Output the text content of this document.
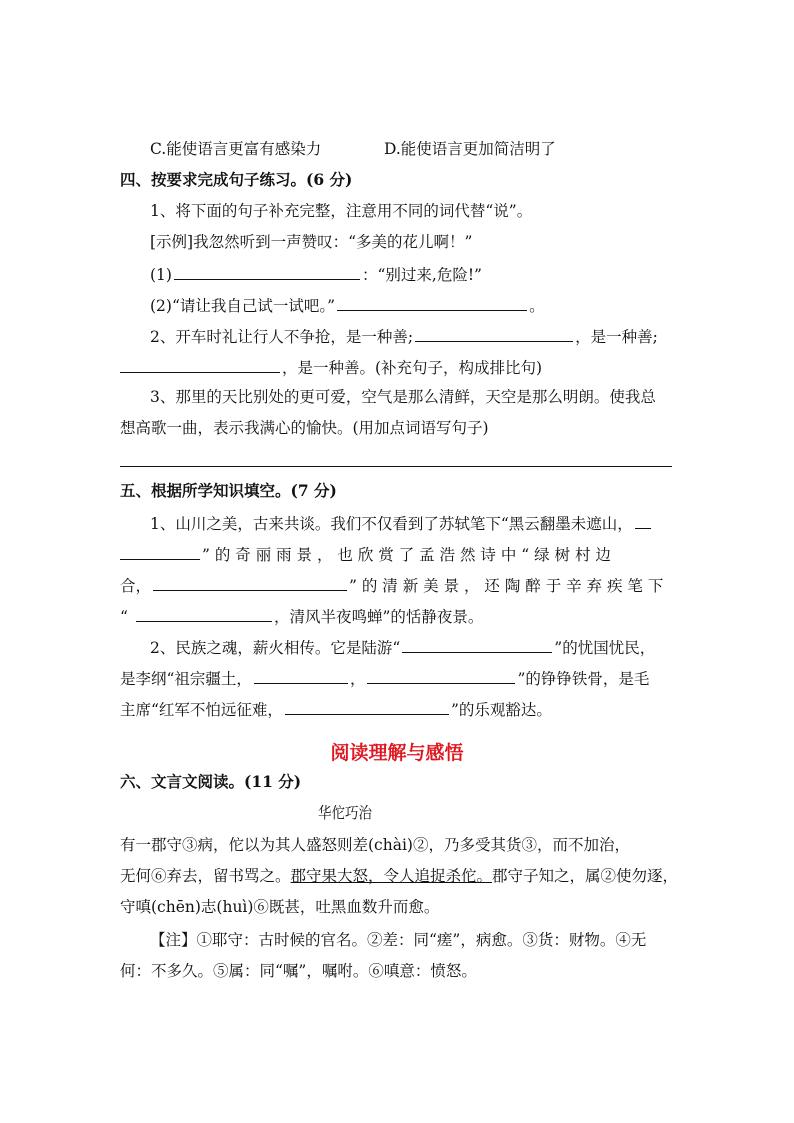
C.能使语言更富有感染力	D.能使语言更加简洁明了
四、按要求完成句子练习。(6 分)
1、将下面的句子补充完整，注意用不同的词代替“说”。
[示例]我忽然听到一声赞叹：“多美的花儿啊！”
(1)	：“别过来,危险!”
(2)“请让我自己试一试吧。”	。
2、开车时礼让行人不争抢，是一种善;	，是一种善;
，是一种善。(补充句子，构成排比句)
3、那里的天比别处的更可爱，空气是那么清鲜，天空是那么明朗。使我总
想高歌一曲，表示我满心的愉快。(用加点词语写句子)
五、根据所学知识填空。(7 分)
1、山川之美，古来共谈。我们不仅看到了苏轼笔下“黑云翻墨未遮山，
” 的 奇 丽 雨 景 ， 也 欣 赏 了 孟 浩 然 诗 中 “ 绿 树 村 边
合，	” 的 清 新 美 景 ， 还 陶 醉 于 辛 弃 疾 笔 下
“	，清风半夜鸣蝉”的恬静夜景。
2、民族之魂，薪火相传。它是陆游“	”的忧国忧民，
是李纲“祖宗疆土，	，	”的铮铮铁骨，是毛
主席“红军不怕远征难，	”的乐观豁达。
阅读理解与感悟
六、文言文阅读。(11 分)
华佗巧治
有一郡守③病，佗以为其人盛怒则差(chài)②，乃多受其货③，而不加治，
无何⑥弃去，留书骂之。郡守果大怒，令人追捉杀佗。郡守子知之，属②使勿逐，
守嗔(chēn)志(huì)⑥既甚，吐黑血数升而愈。
【注】①耶守：古时候的官名。②差：同“瘥”，病愈。③货：财物。④无
何：不多久。⑤属：同“嘱”，嘱咐。⑥嗔意：愤怒。
